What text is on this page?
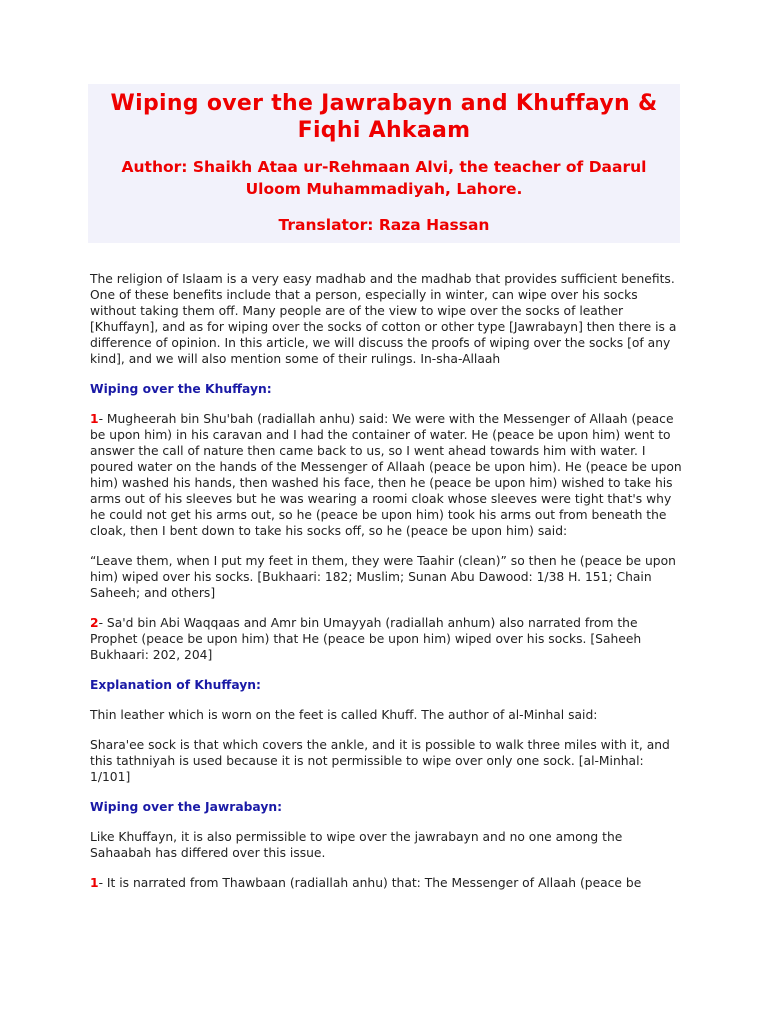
Wiping over the Jawrabayn and Khuffayn & Fiqhi Ahkaam

Author: Shaikh Ataa ur-Rehmaan Alvi, the teacher of Daarul Uloom Muhammadiyah, Lahore.

Translator: Raza Hassan

The religion of Islaam is a very easy madhab and the madhab that provides sufficient benefits. One of these benefits include that a person, especially in winter, can wipe over his socks without taking them off. Many people are of the view to wipe over the socks of leather [Khuffayn], and as for wiping over the socks of cotton or other type [Jawrabayn] then there is a difference of opinion. In this article, we will discuss the proofs of wiping over the socks [of any kind], and we will also mention some of their rulings. In-sha-Allaah

Wiping over the Khuffayn:

1- Mugheerah bin Shu'bah (radiallah anhu) said: We were with the Messenger of Allaah (peace be upon him) in his caravan and I had the container of water. He (peace be upon him) went to answer the call of nature then came back to us, so I went ahead towards him with water. I poured water on the hands of the Messenger of Allaah (peace be upon him). He (peace be upon him) washed his hands, then washed his face, then he (peace be upon him) wished to take his arms out of his sleeves but he was wearing a roomi cloak whose sleeves were tight that's why he could not get his arms out, so he (peace be upon him) took his arms out from beneath the cloak, then I bent down to take his socks off, so he (peace be upon him) said:

“Leave them, when I put my feet in them, they were Taahir (clean)” so then he (peace be upon him) wiped over his socks. [Bukhaari: 182; Muslim; Sunan Abu Dawood: 1/38 H. 151; Chain Saheeh; and others]

2- Sa'd bin Abi Waqqaas and Amr bin Umayyah (radiallah anhum) also narrated from the Prophet (peace be upon him) that He (peace be upon him) wiped over his socks. [Saheeh Bukhaari: 202, 204]

Explanation of Khuffayn:

Thin leather which is worn on the feet is called Khuff. The author of al-Minhal said:

Shara'ee sock is that which covers the ankle, and it is possible to walk three miles with it, and this tathniyah is used because it is not permissible to wipe over only one sock. [al-Minhal: 1/101]

Wiping over the Jawrabayn:

Like Khuffayn, it is also permissible to wipe over the jawrabayn and no one among the Sahaabah has differed over this issue.

1- It is narrated from Thawbaan (radiallah anhu) that: The Messenger of Allaah (peace be
